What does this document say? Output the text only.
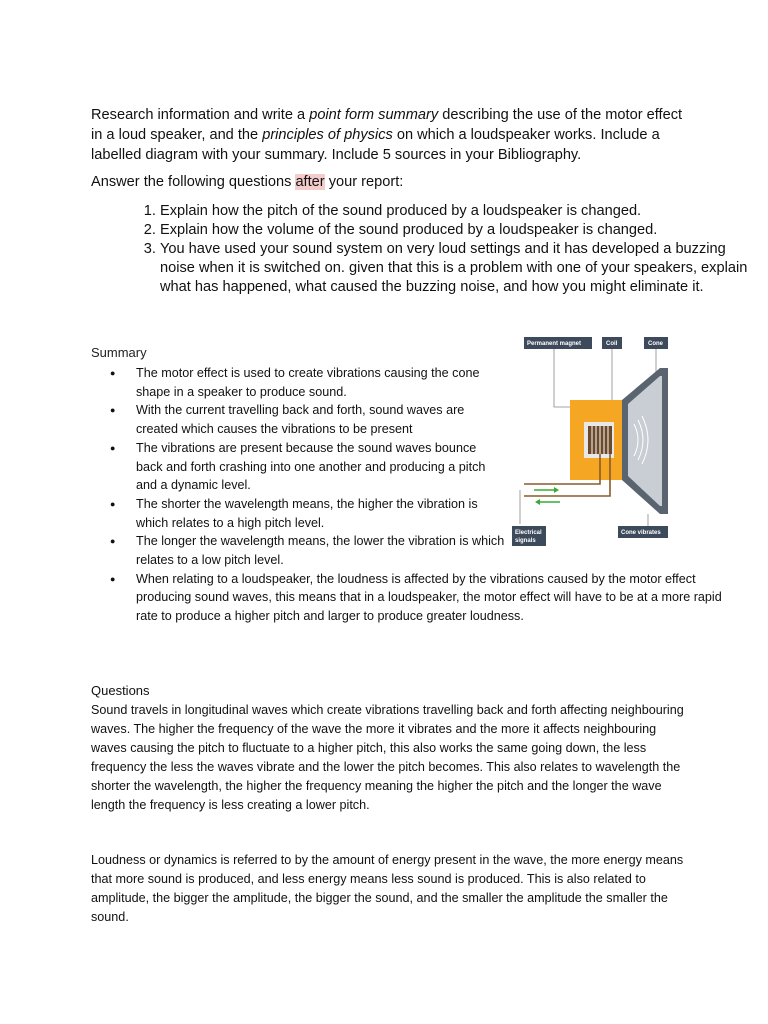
Research information and write a point form summary describing the use of the motor effect in a loud speaker, and the principles of physics on which a loudspeaker works. Include a labelled diagram with your summary. Include 5 sources in your Bibliography.

Answer the following questions after your report:
1. Explain how the pitch of the sound produced by a loudspeaker is changed.
2. Explain how the volume of the sound produced by a loudspeaker is changed.
3. You have used your sound system on very loud settings and it has developed a buzzing noise when it is switched on. given that this is a problem with one of your speakers, explain what has happened, what caused the buzzing noise, and how you might eliminate it.
Summary
● The motor effect is used to create vibrations causing the cone shape in a speaker to produce sound.
● With the current travelling back and forth, sound waves are created which causes the vibrations to be present
● The vibrations are present because the sound waves bounce back and forth crashing into one another and producing a pitch and a dynamic level.
● The shorter the wavelength means, the higher the vibration is which relates to a high pitch level.
● The longer the wavelength means, the lower the vibration is which relates to a low pitch level.
● When relating to a loudspeaker, the loudness is affected by the vibrations caused by the motor effect producing sound waves, this means that in a loudspeaker, the motor effect will have to be at a more rapid rate to produce a higher pitch and larger to produce greater loudness.
Permanent magnet	Coil	Cone
Electrical
signals
Cone vibrates
Questions

Sound travels in longitudinal waves which create vibrations travelling back and forth affecting neighbouring waves. The higher the frequency of the wave the more it vibrates and the more it affects neighbouring waves causing the pitch to fluctuate to a higher pitch, this also works the same going down, the less frequency the less the waves vibrate and the lower the pitch becomes. This also relates to wavelength the shorter the wavelength, the higher the frequency meaning the higher the pitch and the longer the wave length the frequency is less creating a lower pitch.

Loudness or dynamics is referred to by the amount of energy present in the wave, the more energy means that more sound is produced, and less energy means less sound is produced. This is also related to amplitude, the bigger the amplitude, the bigger the sound, and the smaller the amplitude the smaller the sound.
